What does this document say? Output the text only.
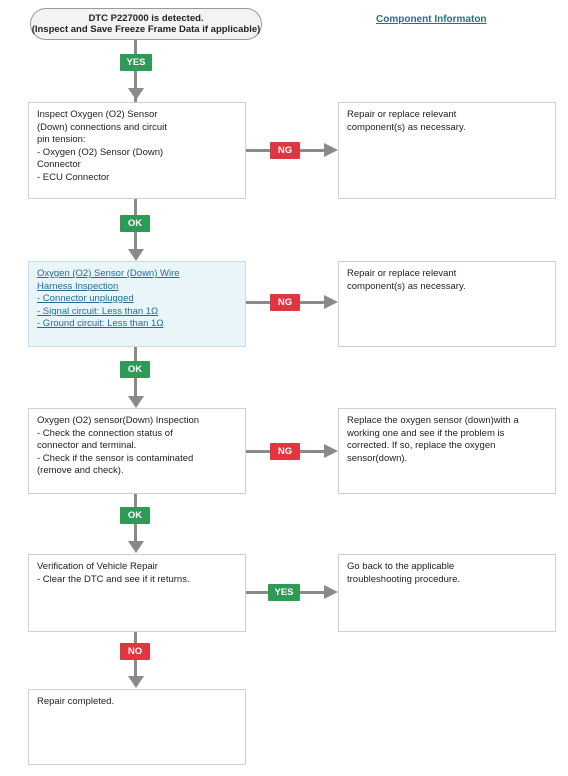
DTC P227000 is detected.
(Inspect and Save Freeze Frame Data if applicable)
Component Informaton
YES
Inspect Oxygen (O2) Sensor
(Down) connections and circuit
pin tension:
- Oxygen (O2) Sensor (Down)
Connector
- ECU Connector
NG
Repair or replace relevant
component(s) as necessary.
OK
Oxygen (O2) Sensor (Down) Wire
Harness Inspection
- Connector unplugged
- Signal circuit: Less than 1Ω
- Ground circuit: Less than 1Ω
NG
Repair or replace relevant
component(s) as necessary.
OK
Oxygen (O2) sensor(Down) Inspection
- Check the connection status of
connector and terminal.
- Check if the sensor is contaminated
(remove and check).
NG
Replace the oxygen sensor (down)with a
working one and see if the problem is
corrected. If so, replace the oxygen
sensor(down).
OK
Verification of Vehicle Repair
- Clear the DTC and see if it returns.
YES
Go back to the applicable
troubleshooting procedure.
NO
Repair completed.
